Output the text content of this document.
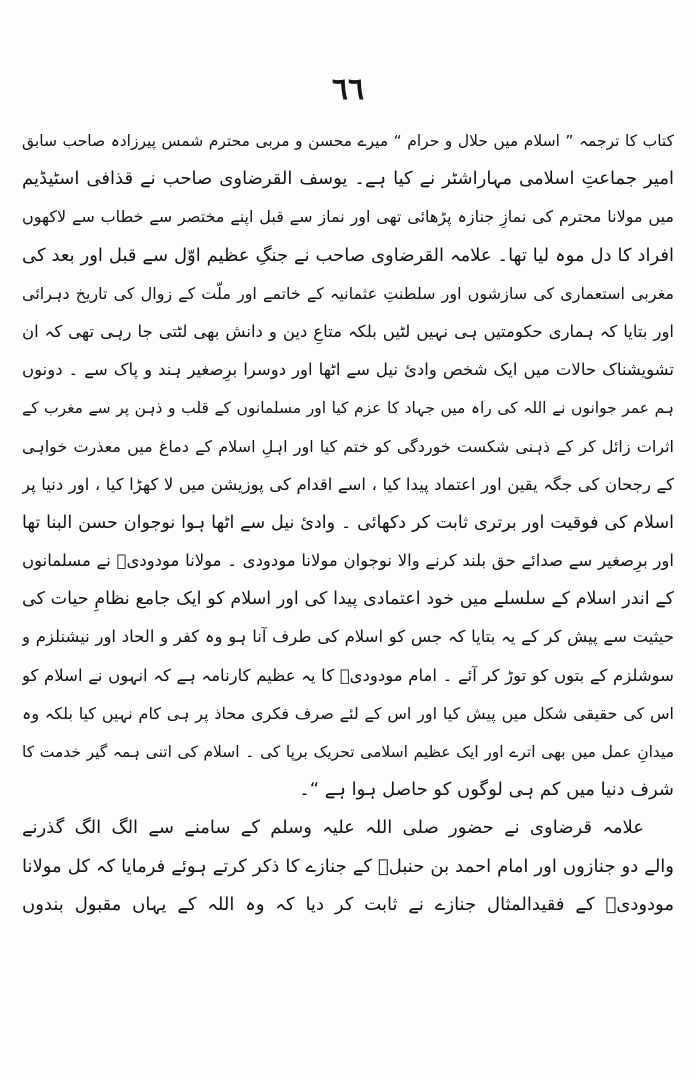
٦٦
کتاب کا ترجمہ ” اسلام میں حلال و حرام “ میرے محسن و مربی محترم شمس پیرزادہ صاحب سابق
امیر جماعتِ اسلامی مہاراشٹر نے کیا ہے۔ یوسف القرضاوی صاحب نے قذافی اسٹیڈیم
میں مولانا محترم کی نمازِ جنازہ پڑھائی تھی اور نماز سے قبل اپنے مختصر سے خطاب سے لاکھوں
افراد کا دل موہ لیا تھا۔ علامہ القرضاوی صاحب نے جنگِ عظیم اوّل سے قبل اور بعد کی
مغربی استعماری کی سازشوں اور سلطنتِ عثمانیہ کے خاتمے اور ملّت کے زوال کی تاریخ دہرائی
اور بتایا کہ ہماری حکومتیں ہی نہیں لٹیں بلکہ متاعِ دین و دانش بھی لٹتی جا رہی تھی کہ ان
تشویشناک حالات میں ایک شخص وادئ نیل سے اٹھا اور دوسرا برِصغیر ہند و پاک سے ۔ دونوں
ہم عمر جوانوں نے اللہ کی راہ میں جہاد کا عزم کیا اور مسلمانوں کے قلب و ذہن پر سے مغرب کے
اثرات زائل کر کے ذہنی شکست خوردگی کو ختم کیا اور اہلِ اسلام کے دماغ میں معذرت خواہی
کے رجحان کی جگہ یقین اور اعتماد پیدا کیا ، اسے اقدام کی پوزیشن میں لا کھڑا کیا ، اور دنیا پر
اسلام کی فوقیت اور برتری ثابت کر دکھائی ۔ وادئ نیل سے اٹھا ہوا نوجوان حسن البنا تھا
اور برِصغیر سے صدائے حق بلند کرنے والا نوجوان مولانا مودودی ۔ مولانا مودودیؒ نے مسلمانوں
کے اندر اسلام کے سلسلے میں خود اعتمادی پیدا کی اور اسلام کو ایک جامع نظامِ حیات کی
حیثیت سے پیش کر کے یہ بتایا کہ جس کو اسلام کی طرف آنا ہو وہ کفر و الحاد اور نیشنلزم و
سوشلزم کے بتوں کو توڑ کر آئے ۔ امام مودودیؒ کا یہ عظیم کارنامہ ہے کہ انہوں نے اسلام کو
اس کی حقیقی شکل میں پیش کیا اور اس کے لئے صرف فکری محاذ پر ہی کام نہیں کیا بلکہ وہ
میدانِ عمل میں بھی اترے اور ایک عظیم اسلامی تحریک برپا کی ۔ اسلام کی اتنی ہمہ گیر خدمت کا
شرف دنیا میں کم ہی لوگوں کو حاصل ہوا ہے “۔
علامہ قرضاوی نے حضور صلی اللہ علیہ وسلم کے سامنے سے الگ الگ گذرنے
والے دو جنازوں اور امام احمد بن حنبلؒ کے جنازے کا ذکر کرتے ہوئے فرمایا کہ کل مولانا
مودودیؒ کے فقیدالمثال جنازے نے ثابت کر دیا کہ وہ اللہ کے یہاں مقبول بندوں
